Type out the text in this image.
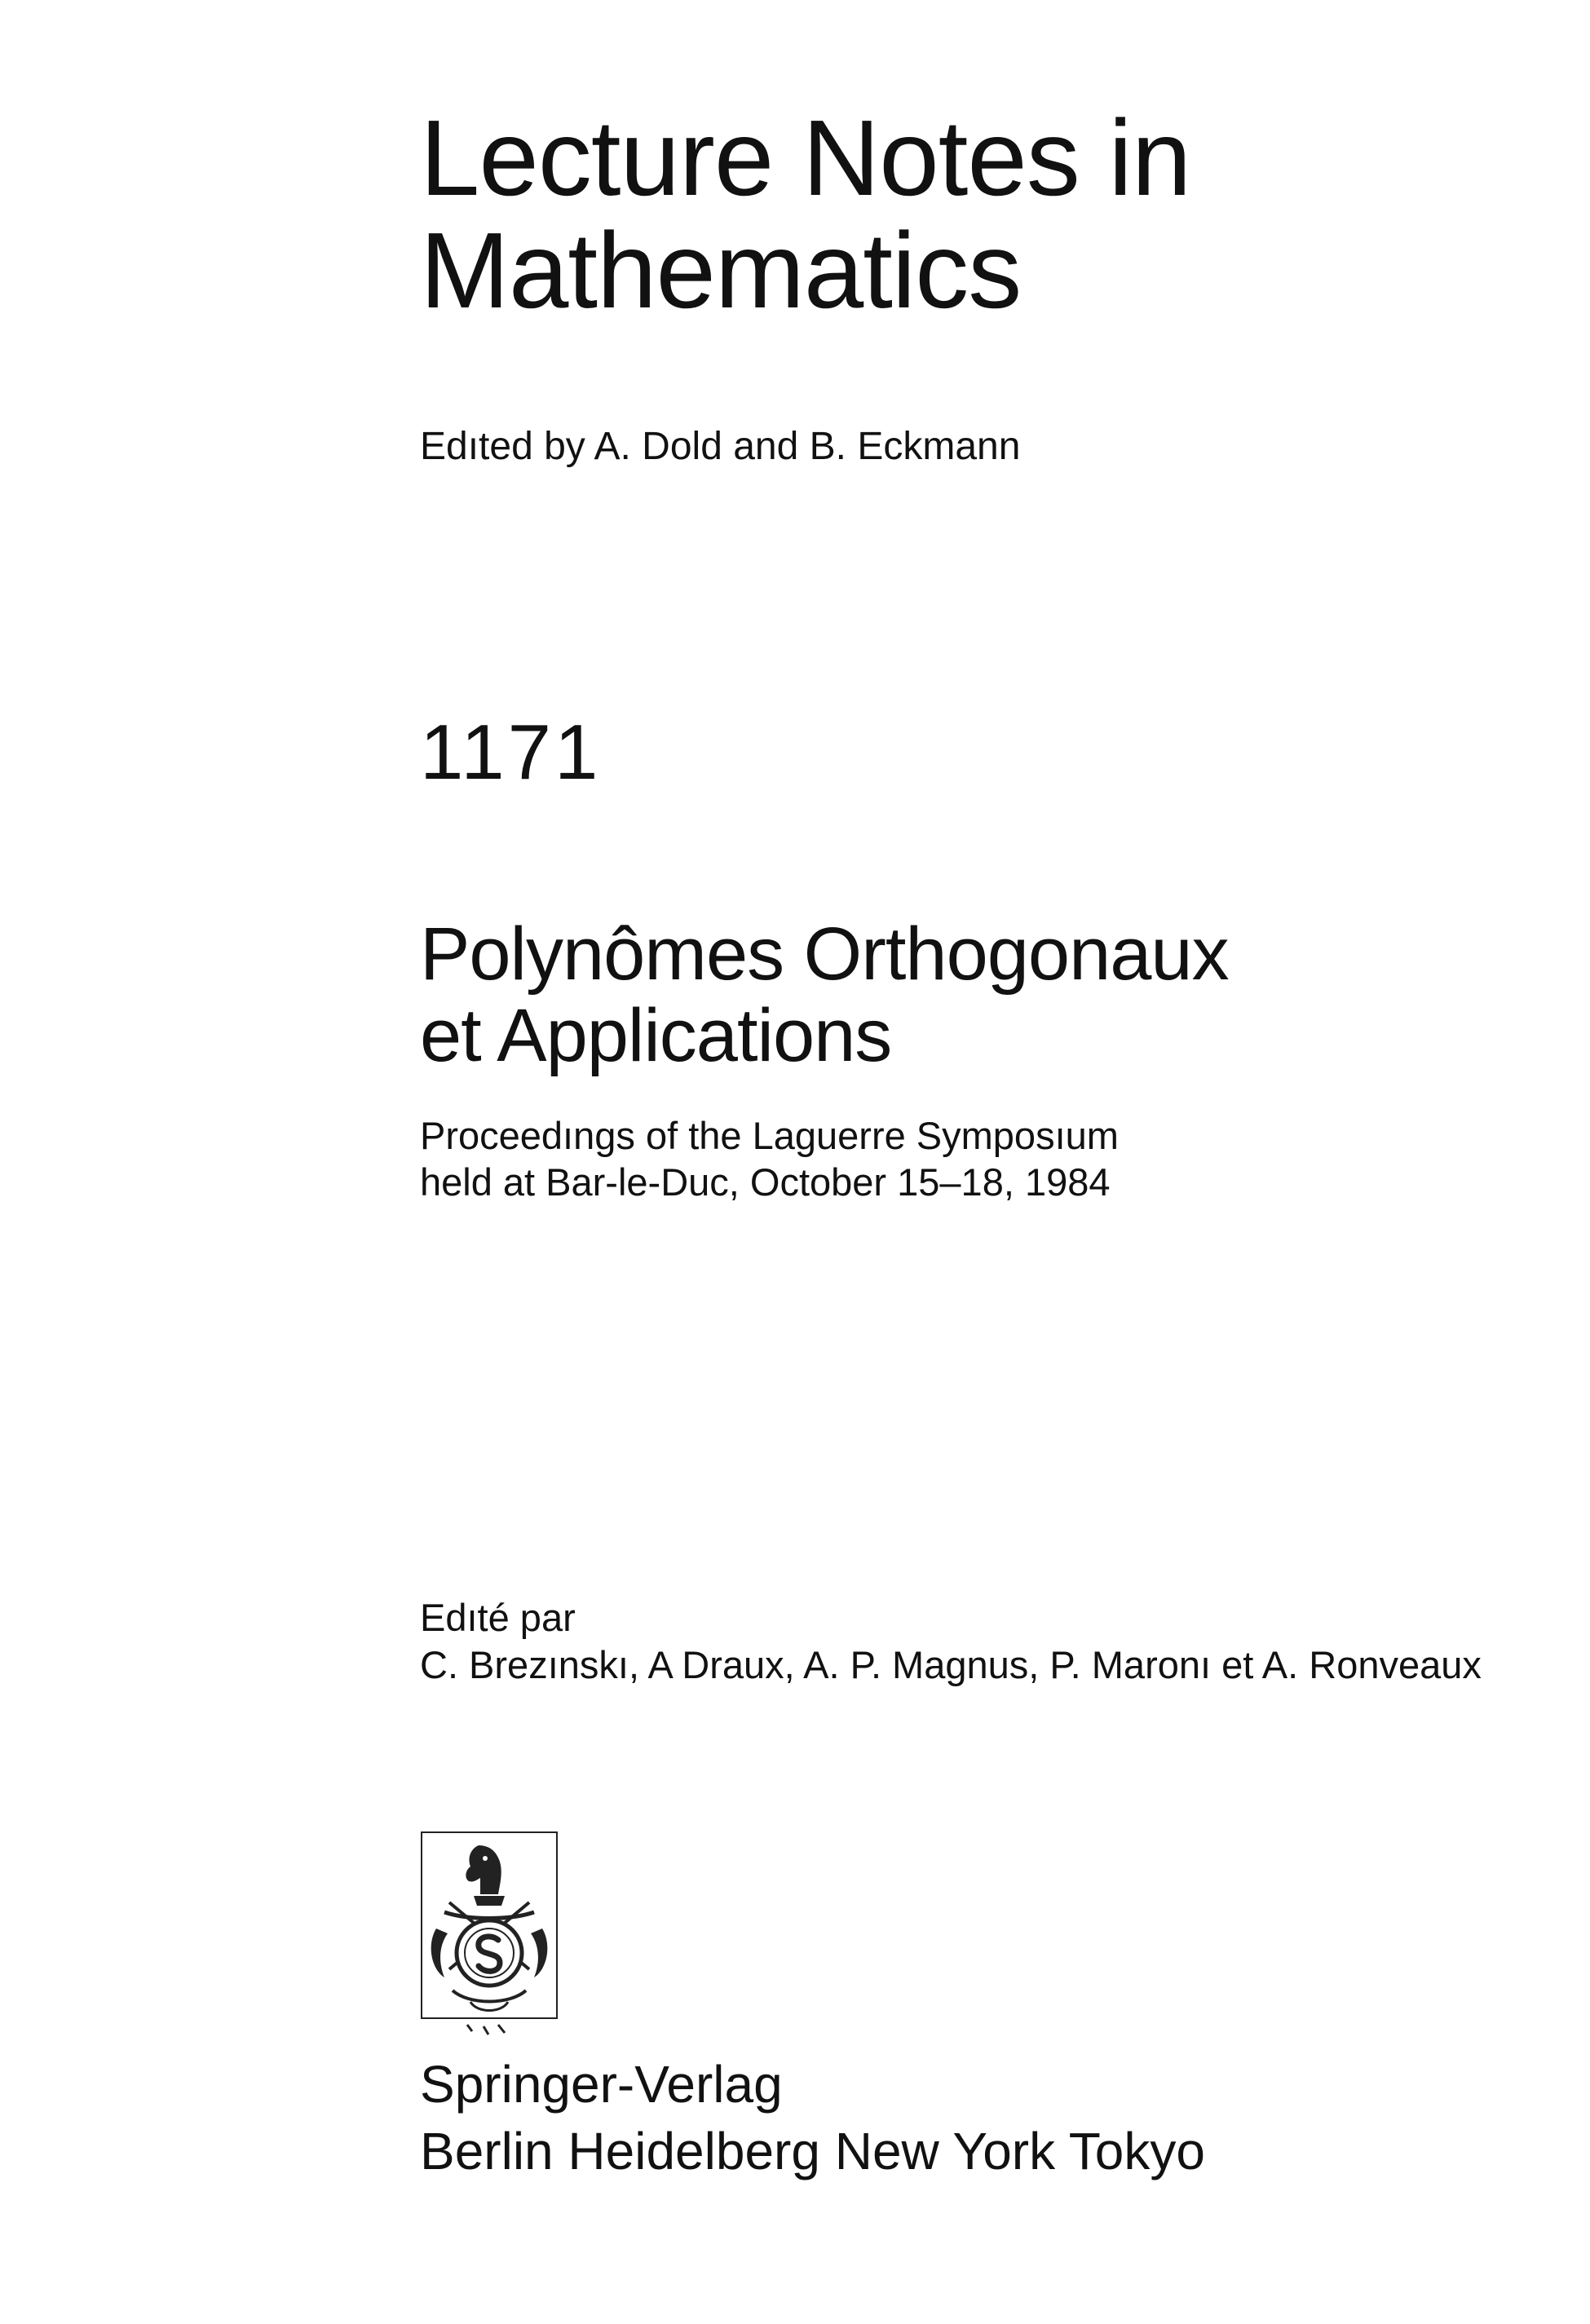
Lecture Notes in
Mathematics
Edıted by A. Dold and B. Eckmann
1171
Polynômes Orthogonaux
et Applications
Proceedıngs of the Laguerre Symposıum
held at Bar-le-Duc, October 15–18, 1984
Edıté par
C. Brezınskı, A Draux, A. P. Magnus, P. Maronı et A. Ronveaux
Springer-Verlag
Berlin Heidelberg New York Tokyo
